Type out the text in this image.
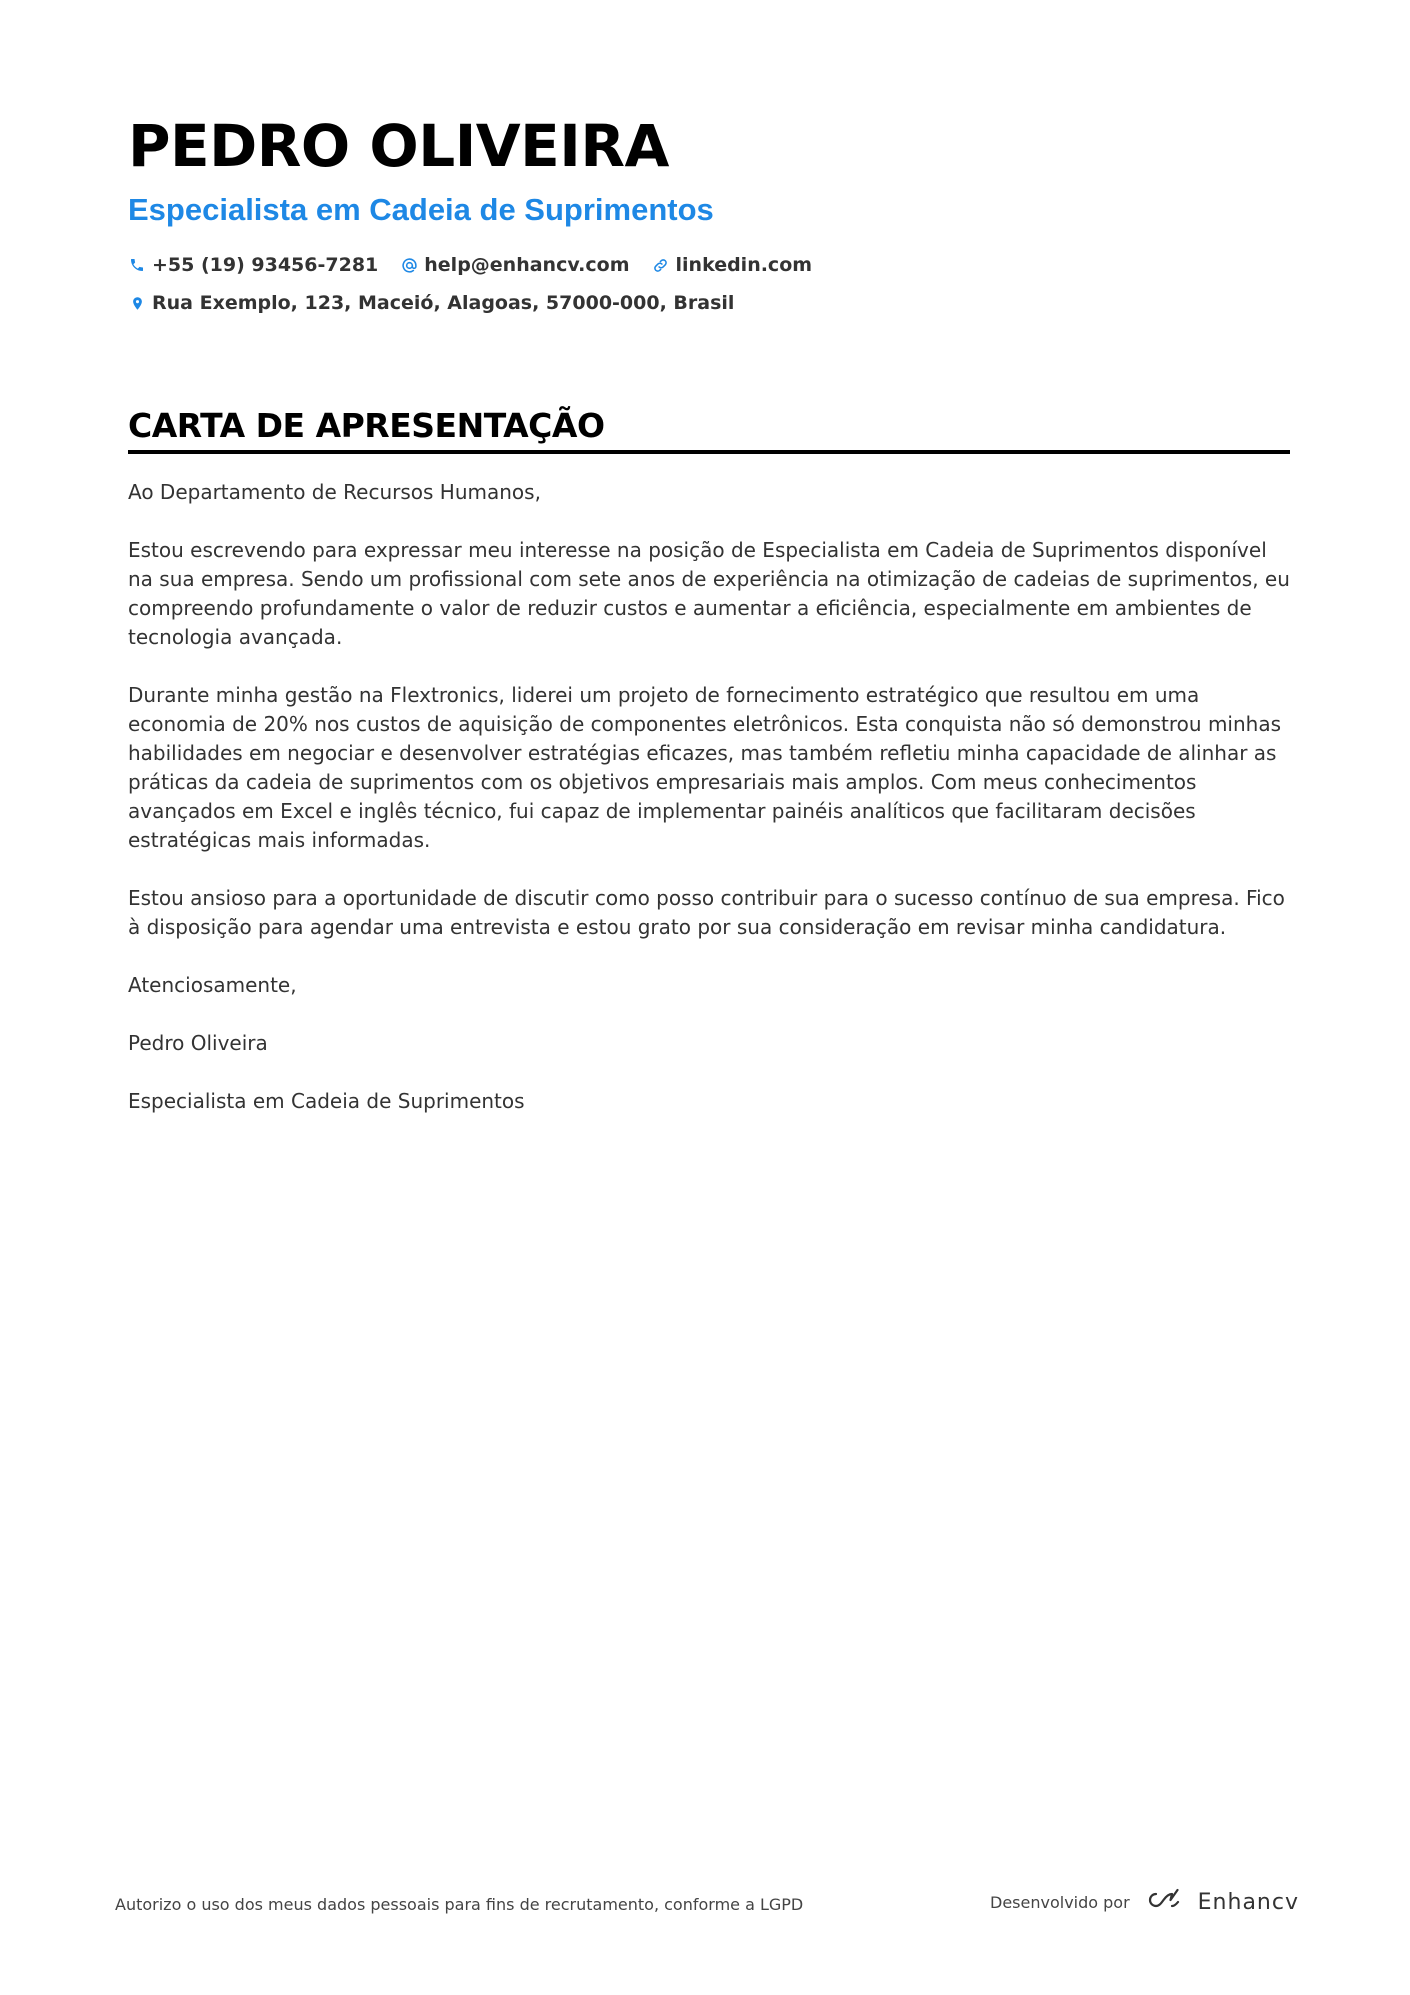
PEDRO OLIVEIRA
Especialista em Cadeia de Suprimentos
+55 (19) 93456-7281 help@enhancv.com linkedin.com
Rua Exemplo, 123, Maceió, Alagoas, 57000-000, Brasil
CARTA DE APRESENTAÇÃO

Ao Departamento de Recursos Humanos,

Estou escrevendo para expressar meu interesse na posição de Especialista em Cadeia de Suprimentos disponível na sua empresa. Sendo um profissional com sete anos de experiência na otimização de cadeias de suprimentos, eu compreendo profundamente o valor de reduzir custos e aumentar a eficiência, especialmente em ambientes de tecnologia avançada.

Durante minha gestão na Flextronics, liderei um projeto de fornecimento estratégico que resultou em uma economia de 20% nos custos de aquisição de componentes eletrônicos. Esta conquista não só demonstrou minhas habilidades em negociar e desenvolver estratégias eficazes, mas também refletiu minha capacidade de alinhar as práticas da cadeia de suprimentos com os objetivos empresariais mais amplos. Com meus conhecimentos avançados em Excel e inglês técnico, fui capaz de implementar painéis analíticos que facilitaram decisões estratégicas mais informadas.

Estou ansioso para a oportunidade de discutir como posso contribuir para o sucesso contínuo de sua empresa. Fico à disposição para agendar uma entrevista e estou grato por sua consideração em revisar minha candidatura.

Atenciosamente,

Pedro Oliveira

Especialista em Cadeia de Suprimentos

Autorizo o uso dos meus dados pessoais para fins de recrutamento, conforme a LGPD	Desenvolvido por	Enhancv
